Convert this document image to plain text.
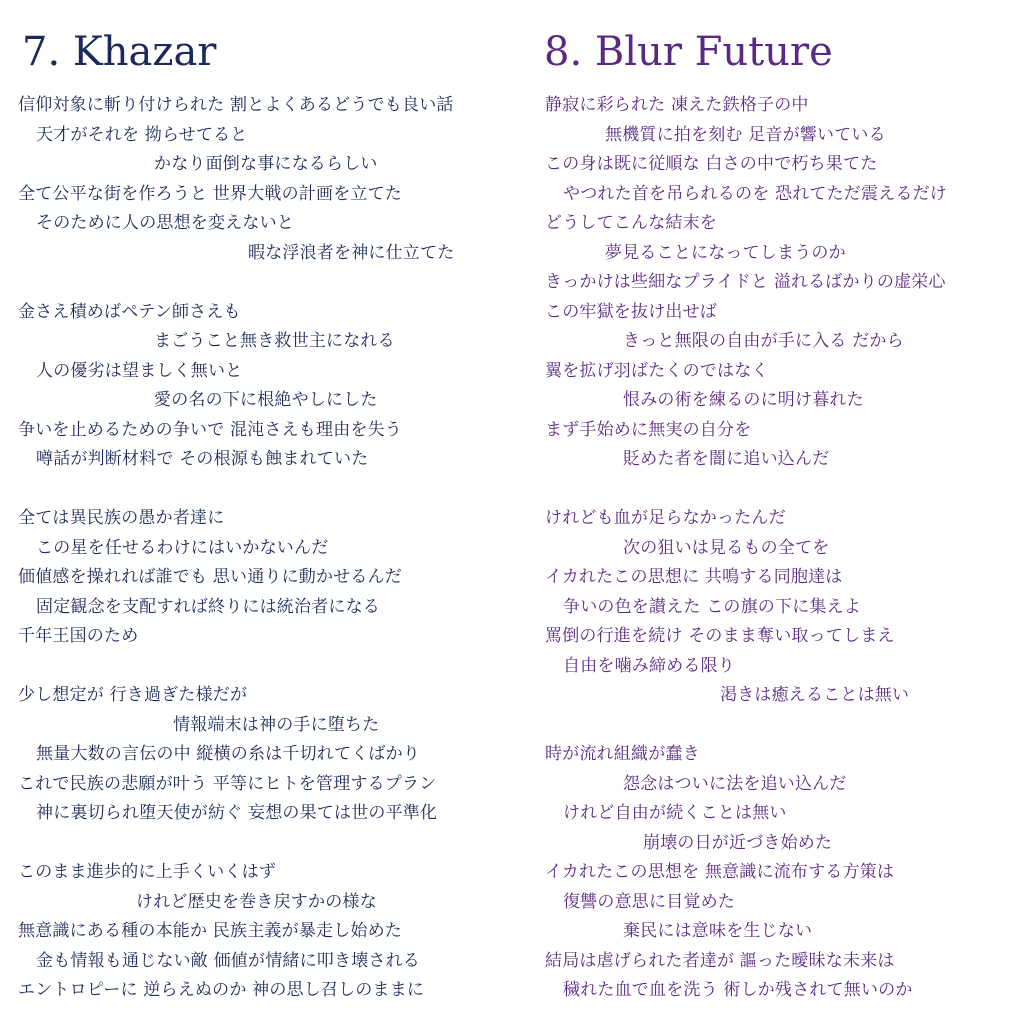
7. Khazar
信仰対象に斬り付けられた 割とよくあるどうでも良い話
天才がそれを 拗らせてると
かなり面倒な事になるらしい
全て公平な街を作ろうと 世界大戦の計画を立てた
そのために人の思想を変えないと
暇な浮浪者を神に仕立てた
金さえ積めばペテン師さえも
まごうこと無き救世主になれる
人の優劣は望ましく無いと
愛の名の下に根絶やしにした
争いを止めるための争いで 混沌さえも理由を失う
噂話が判断材料で その根源も蝕まれていた
全ては異民族の愚か者達に
この星を任せるわけにはいかないんだ
価値感を操れれば誰でも 思い通りに動かせるんだ
固定観念を支配すれば終りには統治者になる
千年王国のため
少し想定が 行き過ぎた様だが
情報端末は神の手に堕ちた
無量大数の言伝の中 縦横の糸は千切れてくばかり
これで民族の悲願が叶う 平等にヒトを管理するプラン
神に裏切られ堕天使が紡ぐ 妄想の果ては世の平準化
このまま進歩的に上手くいくはず
けれど歴史を巻き戻すかの様な
無意識にある種の本能か 民族主義が暴走し始めた
金も情報も通じない敵 価値が情緒に叩き壊される
エントロピーに 逆らえぬのか 神の思し召しのままに
8. Blur Future
静寂に彩られた 凍えた鉄格子の中
無機質に拍を刻む 足音が響いている
この身は既に従順な 白さの中で朽ち果てた
やつれた首を吊られるのを 恐れてただ震えるだけ
どうしてこんな結末を
夢見ることになってしまうのか
きっかけは些細なプライドと 溢れるばかりの虚栄心
この牢獄を抜け出せば
きっと無限の自由が手に入る だから
翼を拡げ羽ばたくのではなく
恨みの術を練るのに明け暮れた
まず手始めに無実の自分を
貶めた者を闇に追い込んだ
けれども血が足らなかったんだ
次の狙いは見るもの全てを
イカれたこの思想に 共鳴する同胞達は
争いの色を讃えた この旗の下に集えよ
罵倒の行進を続け そのまま奪い取ってしまえ
自由を噛み締める限り
渇きは癒えることは無い
時が流れ組織が蠢き
怨念はついに法を追い込んだ
けれど自由が続くことは無い
崩壊の日が近づき始めた
イカれたこの思想を 無意識に流布する方策は
復讐の意思に目覚めた
棄民には意味を生じない
結局は虐げられた者達が 謳った曖昧な未来は
穢れた血で血を洗う 術しか残されて無いのか
